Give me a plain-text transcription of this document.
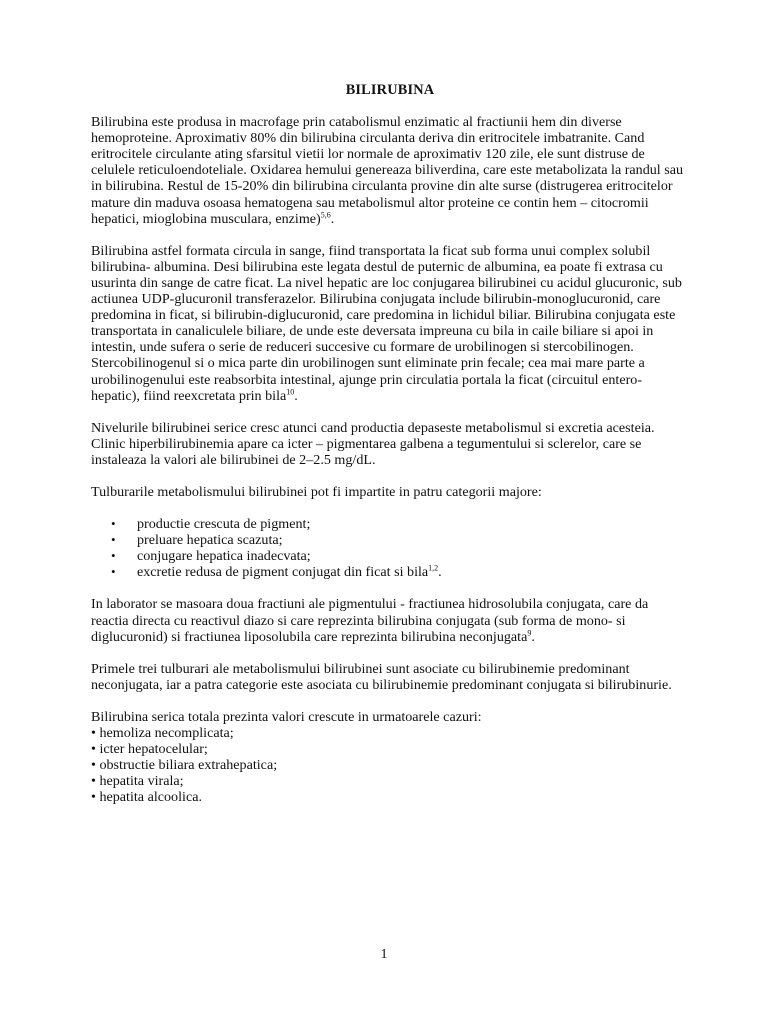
BILIRUBINA

Bilirubina este produsa in macrofage prin catabolismul enzimatic al fractiunii hem din diverse hemoproteine. Aproximativ 80% din bilirubina circulanta deriva din eritrocitele imbatranite. Cand eritrocitele circulante ating sfarsitul vietii lor normale de aproximativ 120 zile, ele sunt distruse de celulele reticuloendoteliale. Oxidarea hemului genereaza biliverdina, care este metabolizata la randul sau in bilirubina. Restul de 15-20% din bilirubina circulanta provine din alte surse (distrugerea eritrocitelor mature din maduva osoasa hematogena sau metabolismul altor proteine ce contin hem – citocromii hepatici, mioglobina musculara, enzime)$^{5,6}$.

Bilirubina astfel formata circula in sange, fiind transportata la ficat sub forma unui complex solubil bilirubina- albumina. Desi bilirubina este legata destul de puternic de albumina, ea poate fi extrasa cu usurinta din sange de catre ficat. La nivel hepatic are loc conjugarea bilirubinei cu acidul glucuronic, sub actiunea UDP-glucuronil transferazelor. Bilirubina conjugata include bilirubin-monoglucuronid, care predomina in ficat, si bilirubin-diglucuronid, care predomina in lichidul biliar. Bilirubina conjugata este transportata in canaliculele biliare, de unde este deversata impreuna cu bila in caile biliare si apoi in intestin, unde sufera o serie de reduceri succesive cu formare de urobilinogen si stercobilinogen. Stercobilinogenul si o mica parte din urobilinogen sunt eliminate prin fecale; cea mai mare parte a urobilinogenului este reabsorbita intestinal, ajunge prin circulatia portala la ficat (circuitul entero-hepatic), fiind reexcretata prin bila$^{10}$.

Nivelurile bilirubinei serice cresc atunci cand productia depaseste metabolismul si excretia acesteia. Clinic hiperbilirubinemia apare ca icter – pigmentarea galbena a tegumentului si sclerelor, care se instaleaza la valori ale bilirubinei de 2–2.5 mg/dL.

Tulburarile metabolismului bilirubinei pot fi impartite in patru categorii majore:

• productie crescuta de pigment;
• preluare hepatica scazuta;
• conjugare hepatica inadecvata;
• excretie redusa de pigment conjugat din ficat si bila$^{1,2}$.

In laborator se masoara doua fractiuni ale pigmentului - fractiunea hidrosolubila conjugata, care da reactia directa cu reactivul diazo si care reprezinta bilirubina conjugata (sub forma de mono- si diglucuronid) si fractiunea liposolubila care reprezinta bilirubina neconjugata$^9$.

Primele trei tulburari ale metabolismului bilirubinei sunt asociate cu bilirubinemie predominant neconjugata, iar a patra categorie este asociata cu bilirubinemie predominant conjugata si bilirubinurie.

Bilirubina serica totala prezinta valori crescute in urmatoarele cazuri:
• hemoliza necomplicata;
• icter hepatocelular;
• obstructie biliara extrahepatica;
• hepatita virala;
• hepatita alcoolica.
1
